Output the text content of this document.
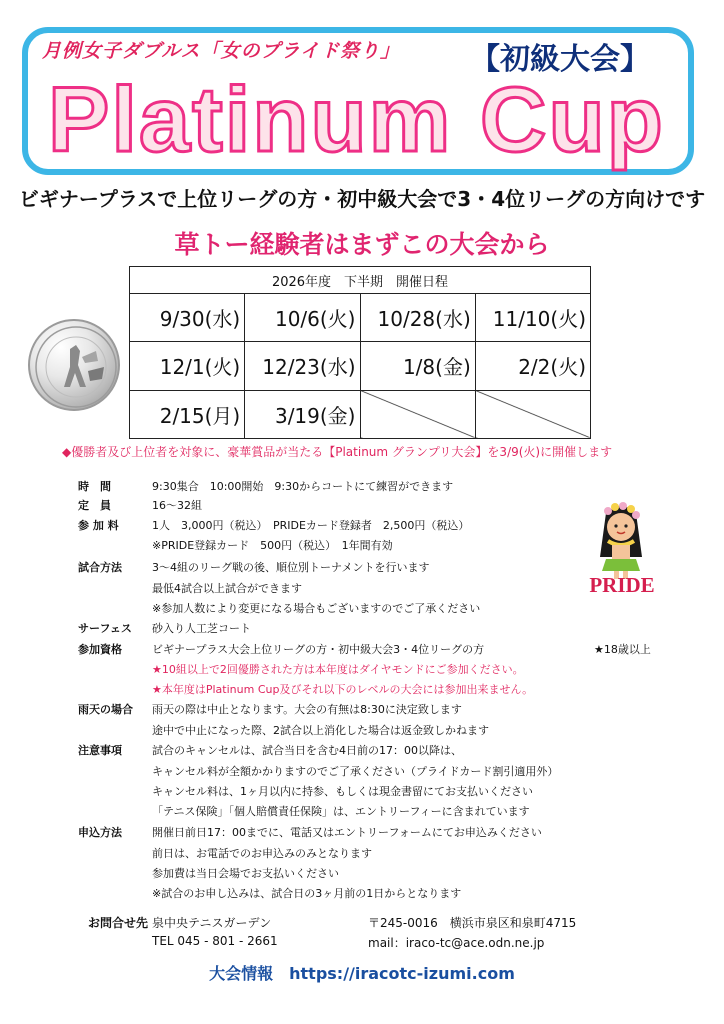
月例女子ダブルス「女のプライド祭り」 【初級大会】
Platinum Cup
ビギナープラスで上位リーグの方・初中級大会で3・4位リーグの方向けです
草トー経験者はまずこの大会から
2026年度　下半期　開催日程			
9/30(水)	10/6(火)	10/28(水)	11/10(火)
12/1(火)	12/23(水)	1/8(金)	2/2(火)
2/15(月)	3/19(金)		
◆優勝者及び上位者を対象に、豪華賞品が当たる【Platinum グランプリ大会】を3/9(火)に開催します
時　間	9:30集合　10:00開始　9:30からコートにて練習ができます
定　員	16～32組
参 加 料	1人　3,000円（税込）　PRIDEカード登録者　2,500円（税込）
※PRIDE登録カード　500円（税込）　1年間有効
試合方法	3～4組のリーグ戦の後、順位別トーナメントを行います
最低4試合以上試合ができます
※参加人数により変更になる場合もございますのでご了承ください
サーフェス	砂入り人工芝コート
参加資格	ビギナープラス大会上位リーグの方・初中級大会3・4位リーグの方	★18歳以上
★10組以上で2回優勝された方は本年度はダイヤモンドにご参加ください。
★本年度はPlatinum Cup及びそれ以下のレベルの大会には参加出来ません。
雨天の場合	雨天の際は中止となります。大会の有無は8:30に決定致します
途中で中止になった際、2試合以上消化した場合は返金致しかねます
注意事項	試合のキャンセルは、試合当日を含む4日前の17：00以降は、
キャンセル料が全額かかりますのでご了承ください（プライドカード割引適用外）
キャンセル料は、1ヶ月以内に持参、もしくは現金書留にてお支払いください
「テニス保険」「個人賠償責任保険」は、エントリーフィーに含まれています
申込方法	開催日前日17：00までに、電話又はエントリーフォームにてお申込みください
前日は、お電話でのお申込みのみとなります
参加費は当日会場でお支払いください
※試合のお申し込みは、試合日の3ヶ月前の1日からとなります
PRIDE
お問合せ先 泉中央テニスガーデン
TEL 045 - 801 - 2661
〒245-0016　横浜市泉区和泉町4715
mail：iraco-tc@ace.odn.ne.jp
大会情報　https://iracotc-izumi.com
